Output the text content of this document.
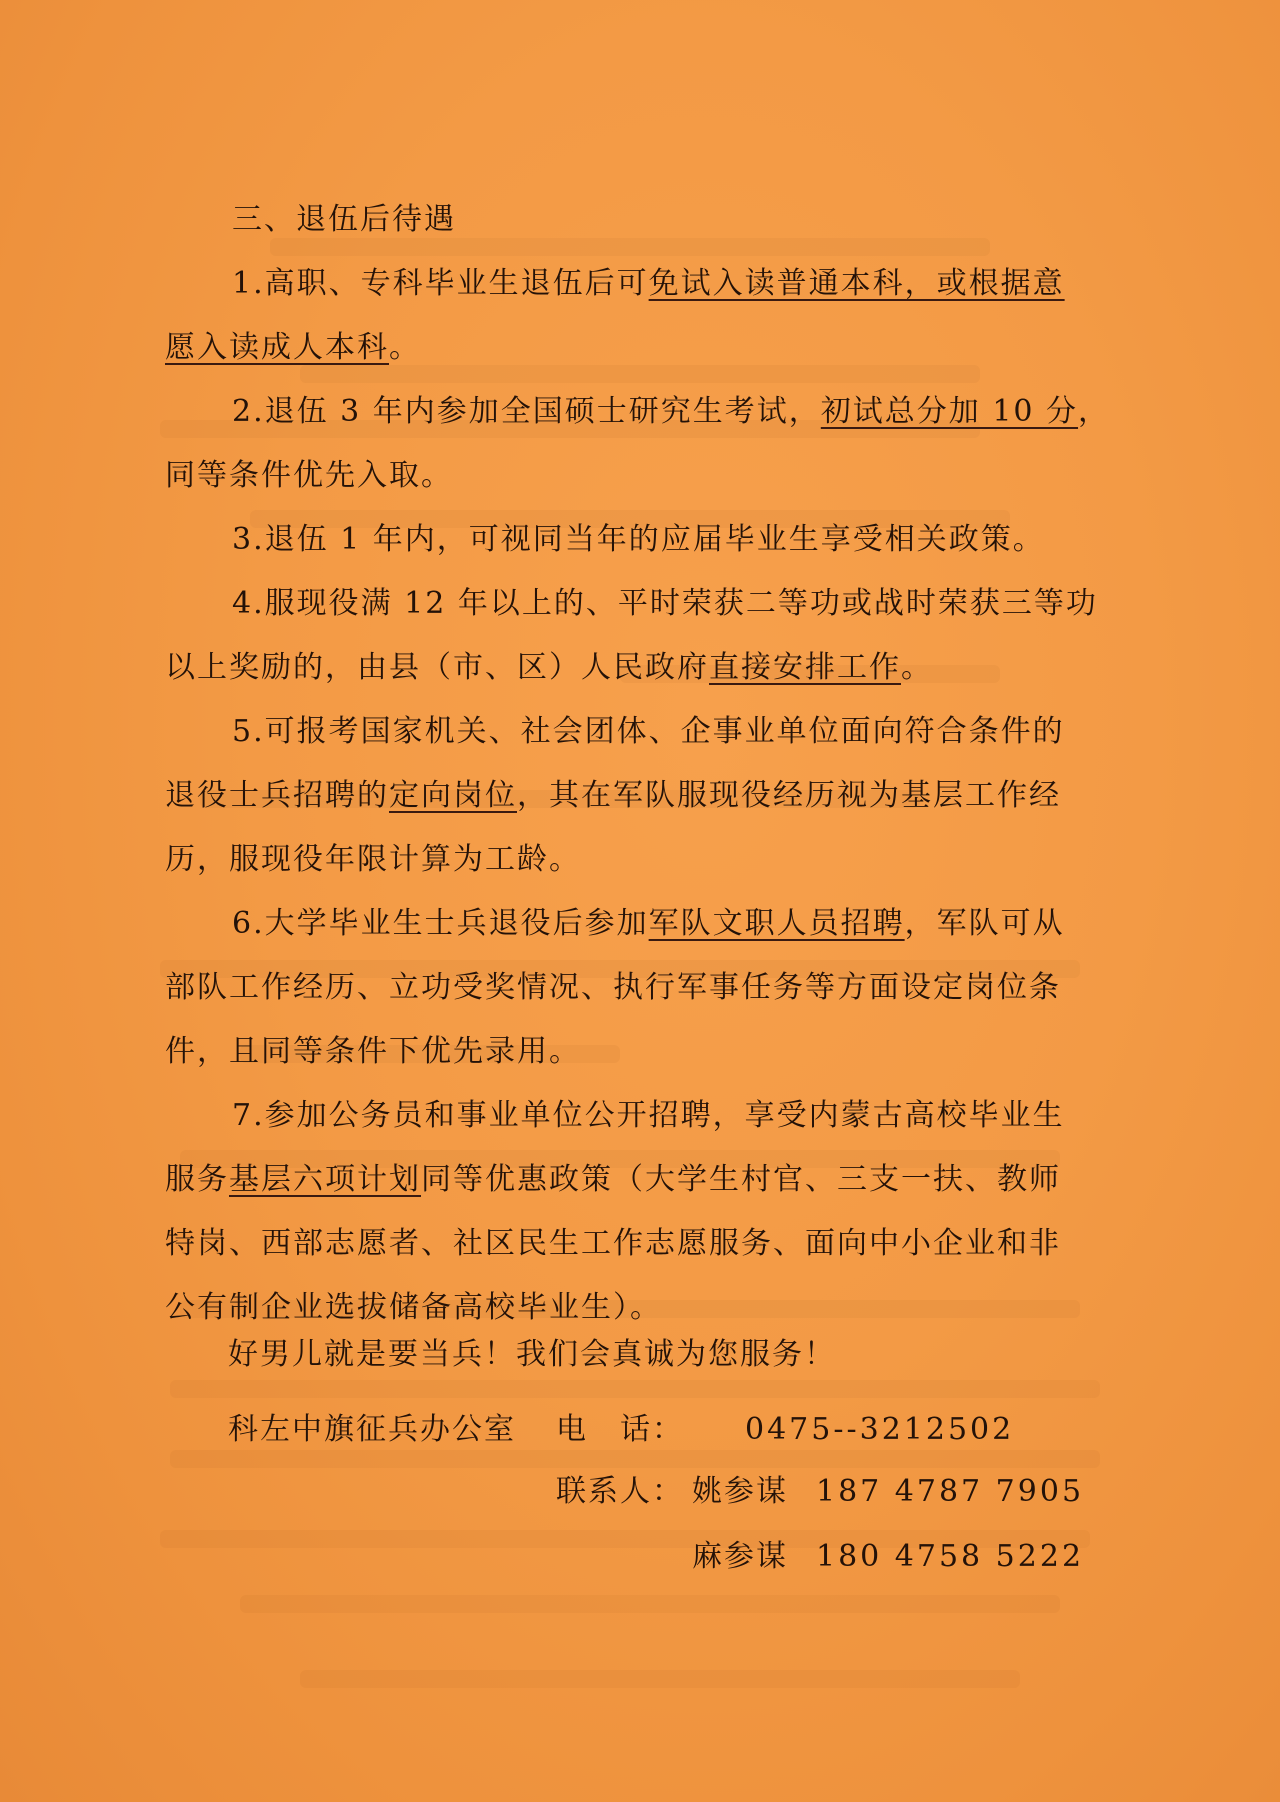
三、退伍后待遇
1.高职、专科毕业生退伍后可免试入读普通本科，或根据意
愿入读成人本科。
2.退伍 3 年内参加全国硕士研究生考试，初试总分加 10 分，
同等条件优先入取。
3.退伍 1 年内，可视同当年的应届毕业生享受相关政策。
4.服现役满 12 年以上的、平时荣获二等功或战时荣获三等功
以上奖励的，由县（市、区）人民政府直接安排工作。
5.可报考国家机关、社会团体、企事业单位面向符合条件的
退役士兵招聘的定向岗位，其在军队服现役经历视为基层工作经
历，服现役年限计算为工龄。
6.大学毕业生士兵退役后参加军队文职人员招聘，军队可从
部队工作经历、立功受奖情况、执行军事任务等方面设定岗位条
件，且同等条件下优先录用。
7.参加公务员和事业单位公开招聘，享受内蒙古高校毕业生
服务基层六项计划同等优惠政策（大学生村官、三支一扶、教师
特岗、西部志愿者、社区民生工作志愿服务、面向中小企业和非
公有制企业选拔储备高校毕业生）。
好男儿就是要当兵！我们会真诚为您服务！
科左中旗征兵办公室 电　话： 0475--3212502
联系人： 姚参谋 187 4787 7905
麻参谋 180 4758 5222
